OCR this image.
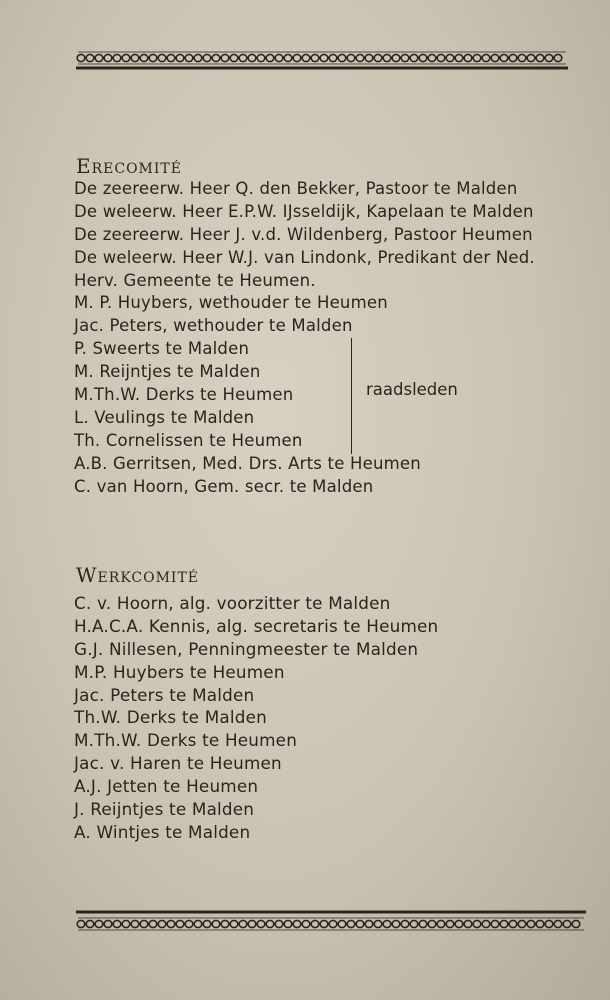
Erecomité
De zeereerw. Heer Q. den Bekker, Pastoor te Malden
De weleerw. Heer E.P.W. IJsseldijk, Kapelaan te Malden
De zeereerw. Heer J. v.d. Wildenberg, Pastoor Heumen
De weleerw. Heer W.J. van Lindonk, Predikant der Ned.
Herv. Gemeente te Heumen.
M. P. Huybers, wethouder te Heumen
Jac. Peters, wethouder te Malden
P. Sweerts te Malden
M. Reijntjes te Malden
M.Th.W. Derks te Heumen
L. Veulings te Malden
Th. Cornelissen te Heumen
A.B. Gerritsen, Med. Drs. Arts te Heumen
C. van Hoorn, Gem. secr. te Malden
raadsleden
Werkcomité
C. v. Hoorn, alg. voorzitter te Malden
H.A.C.A. Kennis, alg. secretaris te Heumen
G.J. Nillesen, Penningmeester te Malden
M.P. Huybers te Heumen
Jac. Peters te Malden
Th.W. Derks te Malden
M.Th.W. Derks te Heumen
Jac. v. Haren te Heumen
A.J. Jetten te Heumen
J. Reijntjes te Malden
A. Wintjes te Malden
